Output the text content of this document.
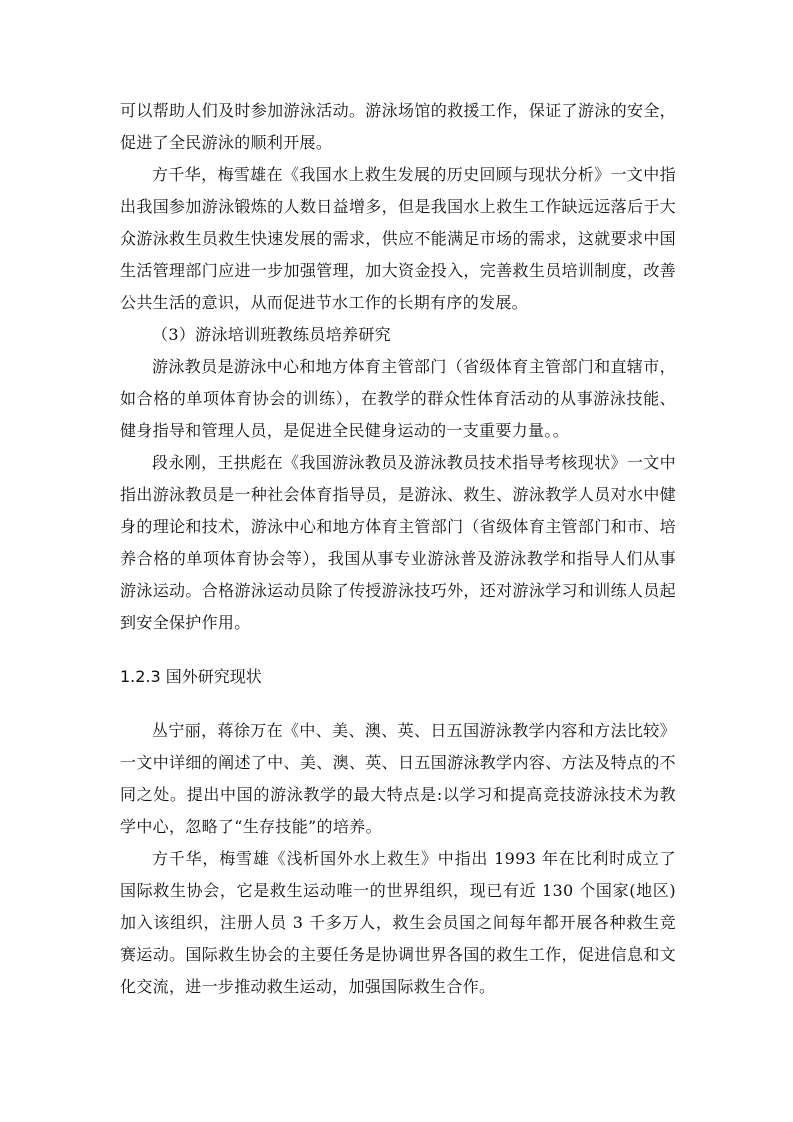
可以帮助人们及时参加游泳活动。游泳场馆的救援工作，保证了游泳的安全，促进了全民游泳的顺利开展。

方千华，梅雪雄在《我国水上救生发展的历史回顾与现状分析》一文中指出我国参加游泳锻炼的人数日益增多，但是我国水上救生工作缺远远落后于大众游泳救生员救生快速发展的需求，供应不能满足市场的需求，这就要求中国生活管理部门应进一步加强管理，加大资金投入，完善救生员培训制度，改善公共生活的意识，从而促进节水工作的长期有序的发展。

（3）游泳培训班教练员培养研究

游泳教员是游泳中心和地方体育主管部门（省级体育主管部门和直辖市，如合格的单项体育协会的训练），在教学的群众性体育活动的从事游泳技能、健身指导和管理人员，是促进全民健身运动的一支重要力量。。

段永刚，王拱彪在《我国游泳教员及游泳教员技术指导考核现状》一文中指出游泳教员是一种社会体育指导员，是游泳、救生、游泳教学人员对水中健身的理论和技术，游泳中心和地方体育主管部门（省级体育主管部门和市、培养合格的单项体育协会等），我国从事专业游泳普及游泳教学和指导人们从事游泳运动。合格游泳运动员除了传授游泳技巧外，还对游泳学习和训练人员起到安全保护作用。

1.2.3 国外研究现状

丛宁丽，蒋徐万在《中、美、澳、英、日五国游泳教学内容和方法比较》一文中详细的阐述了中、美、澳、英、日五国游泳教学内容、方法及特点的不同之处。提出中国的游泳教学的最大特点是:以学习和提高竞技游泳技术为教学中心，忽略了“生存技能”的培养。

方千华，梅雪雄《浅析国外水上救生》中指出 1993 年在比利时成立了国际救生协会，它是救生运动唯一的世界组织，现已有近 130 个国家(地区)加入该组织，注册人员 3 千多万人，救生会员国之间每年都开展各种救生竞赛运动。国际救生协会的主要任务是协调世界各国的救生工作，促进信息和文化交流，进一步推动救生运动，加强国际救生合作。
